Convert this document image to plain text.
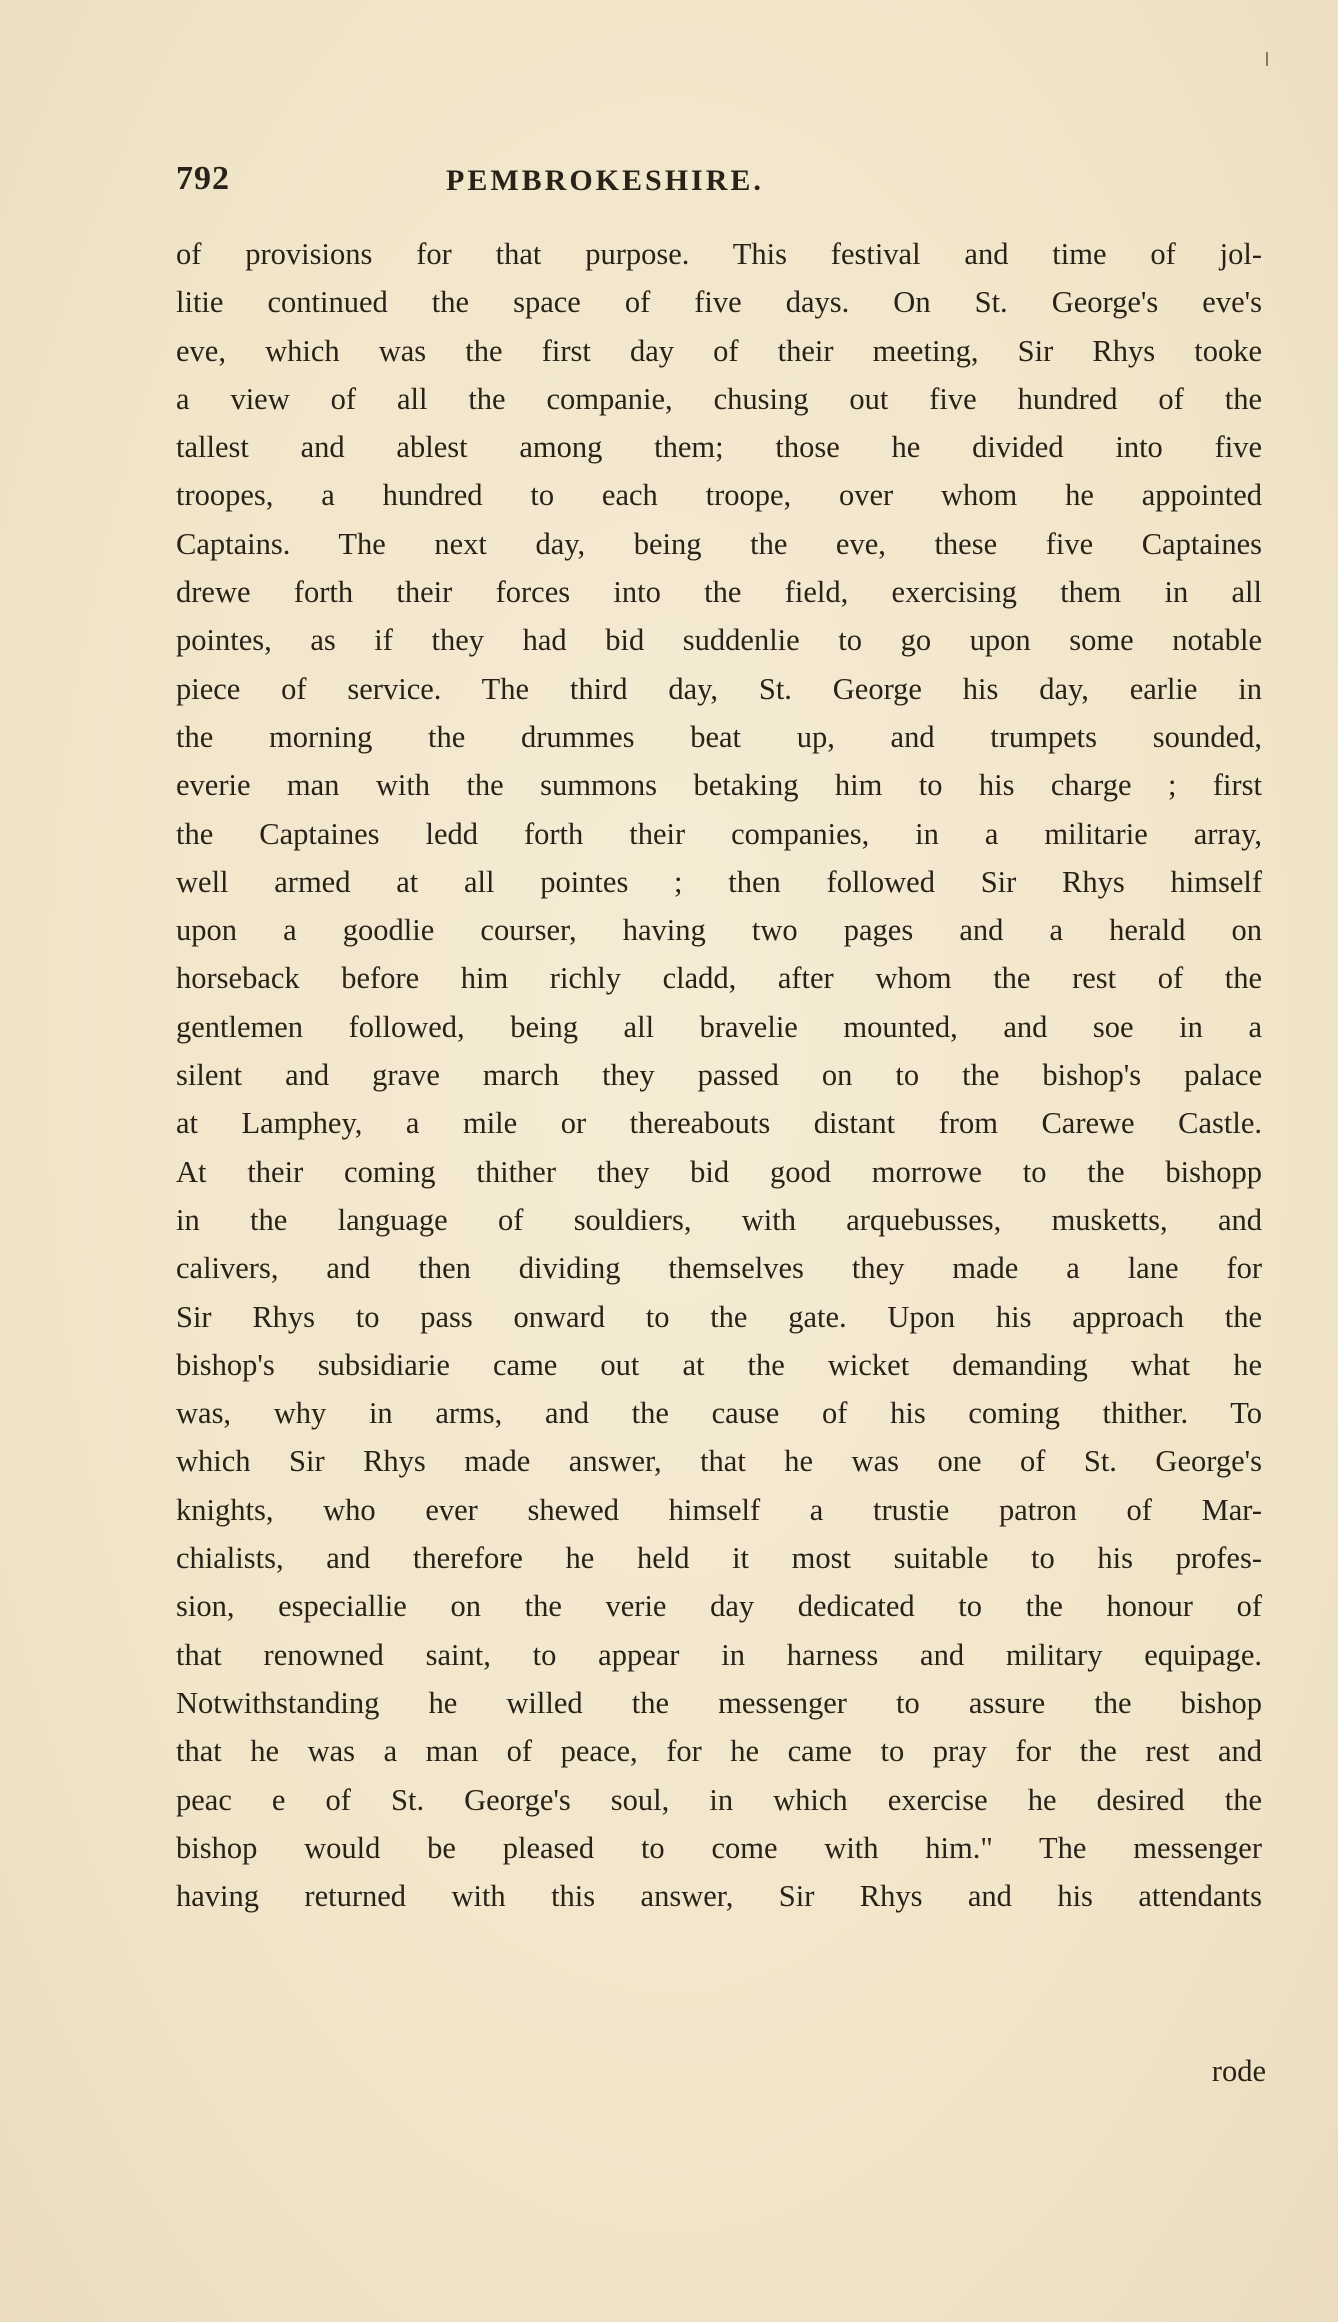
792	PEMBROKESHIRE.
of provisions for that purpose. This festival and time of jol-
litie continued the space of five days. On St. George's eve's
eve, which was the first day of their meeting, Sir Rhys tooke
a view of all the companie, chusing out five hundred of the
tallest and ablest among them; those he divided into five
troopes, a hundred to each troope, over whom he appointed
Captains. The next day, being the eve, these five Captaines
drewe forth their forces into the field, exercising them in all
pointes, as if they had bid suddenlie to go upon some notable
piece of service. The third day, St. George his day, earlie in
the morning the drummes beat up, and trumpets sounded,
everie man with the summons betaking him to his charge ; first
the Captaines ledd forth their companies, in a militarie array,
well armed at all pointes ; then followed Sir Rhys himself
upon a goodlie courser, having two pages and a herald on
horseback before him richly cladd, after whom the rest of the
gentlemen followed, being all bravelie mounted, and soe in a
silent and grave march they passed on to the bishop's palace
at Lamphey, a mile or thereabouts distant from Carewe Castle.
At their coming thither they bid good morrowe to the bishopp
in the language of souldiers, with arquebusses, musketts, and
calivers, and then dividing themselves they made a lane for
Sir Rhys to pass onward to the gate. Upon his approach the
bishop's subsidiarie came out at the wicket demanding what he
was, why in arms, and the cause of his coming thither. To
which Sir Rhys made answer, that he was one of St. George's
knights, who ever shewed himself a trustie patron of Mar-
chialists, and therefore he held it most suitable to his profes-
sion, especiallie on the verie day dedicated to the honour of
that renowned saint, to appear in harness and military equipage.
Notwithstanding he willed the messenger to assure the bishop
that he was a man of peace, for he came to pray for the rest and
peac e of St. George's soul, in which exercise he desired the
bishop would be pleased to come with him." The messenger
having returned with this answer, Sir Rhys and his attendants
rode
